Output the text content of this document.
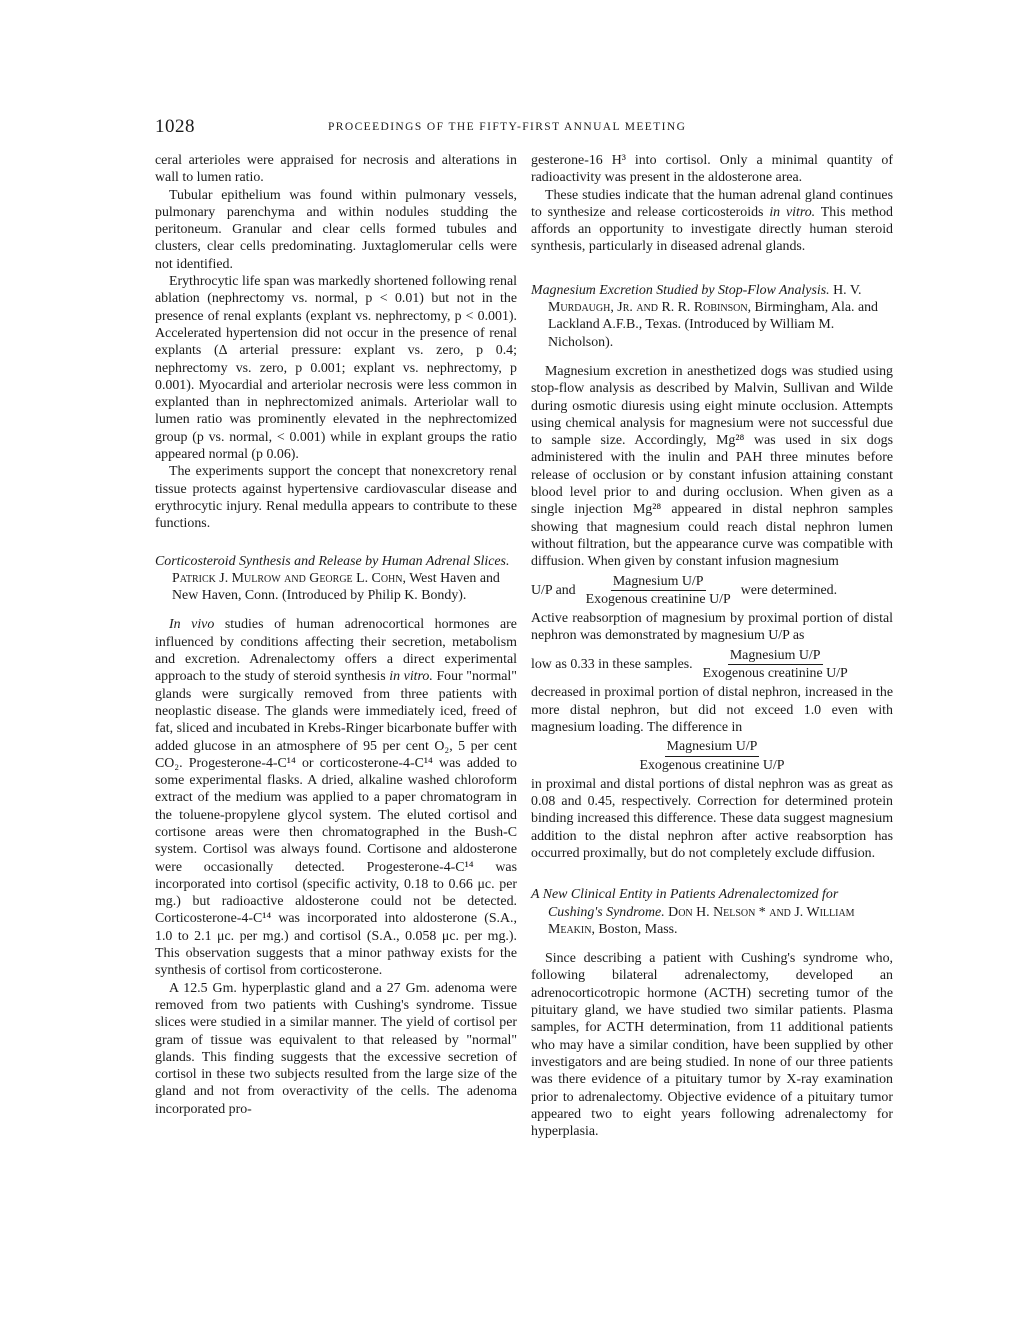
1028	PROCEEDINGS OF THE FIFTY-FIRST ANNUAL MEETING

ceral arterioles were appraised for necrosis and alterations in wall to lumen ratio.

Tubular epithelium was found within pulmonary vessels, pulmonary parenchyma and within nodules studding the peritoneum. Granular and clear cells formed tubules and clusters, clear cells predominating. Juxtaglomerular cells were not identified.

Erythrocytic life span was markedly shortened following renal ablation (nephrectomy vs. normal, p < 0.01) but not in the presence of renal explants (explant vs. nephrectomy, p < 0.001). Accelerated hypertension did not occur in the presence of renal explants (Δ arterial pressure: explant vs. zero, p 0.4; nephrectomy vs. zero, p 0.001; explant vs. nephrectomy, p 0.001). Myocardial and arteriolar necrosis were less common in explanted than in nephrectomized animals. Arteriolar wall to lumen ratio was prominently elevated in the nephrectomized group (p vs. normal, < 0.001) while in explant groups the ratio appeared normal (p 0.06).

The experiments support the concept that nonexcretory renal tissue protects against hypertensive cardiovascular disease and erythrocytic injury. Renal medulla appears to contribute to these functions.

Corticosteroid Synthesis and Release by Human Adrenal Slices. Patrick J. Mulrow and George L. Cohn, West Haven and New Haven, Conn. (Introduced by Philip K. Bondy).

In vivo studies of human adrenocortical hormones are influenced by conditions affecting their secretion, metabolism and excretion. Adrenalectomy offers a direct experimental approach to the study of steroid synthesis in vitro. Four "normal" glands were surgically removed from three patients with neoplastic disease. The glands were immediately iced, freed of fat, sliced and incubated in Krebs-Ringer bicarbonate buffer with added glucose in an atmosphere of 95 per cent O₂, 5 per cent CO₂. Progesterone-4-C¹⁴ or corticosterone-4-C¹⁴ was added to some experimental flasks. A dried, alkaline washed chloroform extract of the medium was applied to a paper chromatogram in the toluene-propylene glycol system. The eluted cortisol and cortisone areas were then chromatographed in the Bush-C system. Cortisol was always found. Cortisone and aldosterone were occasionally detected. Progesterone-4-C¹⁴ was incorporated into cortisol (specific activity, 0.18 to 0.66 μc. per mg.) but radioactive aldosterone could not be detected. Corticosterone-4-C¹⁴ was incorporated into aldosterone (S.A., 1.0 to 2.1 μc. per mg.) and cortisol (S.A., 0.058 μc. per mg.). This observation suggests that a minor pathway exists for the synthesis of cortisol from corticosterone.

A 12.5 Gm. hyperplastic gland and a 27 Gm. adenoma were removed from two patients with Cushing's syndrome. Tissue slices were studied in a similar manner. The yield of cortisol per gram of tissue was equivalent to that released by "normal" glands. This finding suggests that the excessive secretion of cortisol in these two subjects resulted from the large size of the gland and not from overactivity of the cells. The adenoma incorporated pro-

gesterone-16 H³ into cortisol. Only a minimal quantity of radioactivity was present in the aldosterone area.

These studies indicate that the human adrenal gland continues to synthesize and release corticosteroids in vitro. This method affords an opportunity to investigate directly human steroid synthesis, particularly in diseased adrenal glands.

Magnesium Excretion Studied by Stop-Flow Analysis. H. V. Murdaugh, Jr. and R. R. Robinson, Birmingham, Ala. and Lackland A.F.B., Texas. (Introduced by William M. Nicholson).

Magnesium excretion in anesthetized dogs was studied using stop-flow analysis as described by Malvin, Sullivan and Wilde during osmotic diuresis using eight minute occlusion. Attempts using chemical analysis for magnesium were not successful due to sample size. Accordingly, Mg²⁸ was used in six dogs administered with the inulin and PAH three minutes before release of occlusion or by constant infusion attaining constant blood level prior to and during occlusion. When given as a single injection Mg²⁸ appeared in distal nephron samples showing that magnesium could reach distal nephron lumen without filtration, but the appearance curve was compatible with diffusion. When given by constant infusion magnesium

U/P and $\frac{\text{Magnesium U/P}}{\text{Exogenous creatinine U/P}}$ were determined.

Active reabsorption of magnesium by proximal portion of distal nephron was demonstrated by magnesium U/P as

low as 0.33 in these samples. $\frac{\text{Magnesium U/P}}{\text{Exogenous creatinine U/P}}$

decreased in proximal portion of distal nephron, increased in the more distal nephron, but did not exceed 1.0 even with magnesium loading. The difference in

$\frac{\text{Magnesium U/P}}{\text{Exogenous creatinine U/P}}$

in proximal and distal portions of distal nephron was as great as 0.08 and 0.45, respectively. Correction for determined protein binding increased this difference. These data suggest magnesium addition to the distal nephron after active reabsorption has occurred proximally, but do not completely exclude diffusion.

A New Clinical Entity in Patients Adrenalectomized for Cushing's Syndrome. Don H. Nelson * and J. William Meakin, Boston, Mass.

Since describing a patient with Cushing's syndrome who, following bilateral adrenalectomy, developed an adrenocorticotropic hormone (ACTH) secreting tumor of the pituitary gland, we have studied two similar patients. Plasma samples, for ACTH determination, from 11 additional patients who may have a similar condition, have been supplied by other investigators and are being studied. In none of our three patients was there evidence of a pituitary tumor by X-ray examination prior to adrenalectomy. Objective evidence of a pituitary tumor appeared two to eight years following adrenalectomy for hyperplasia.
